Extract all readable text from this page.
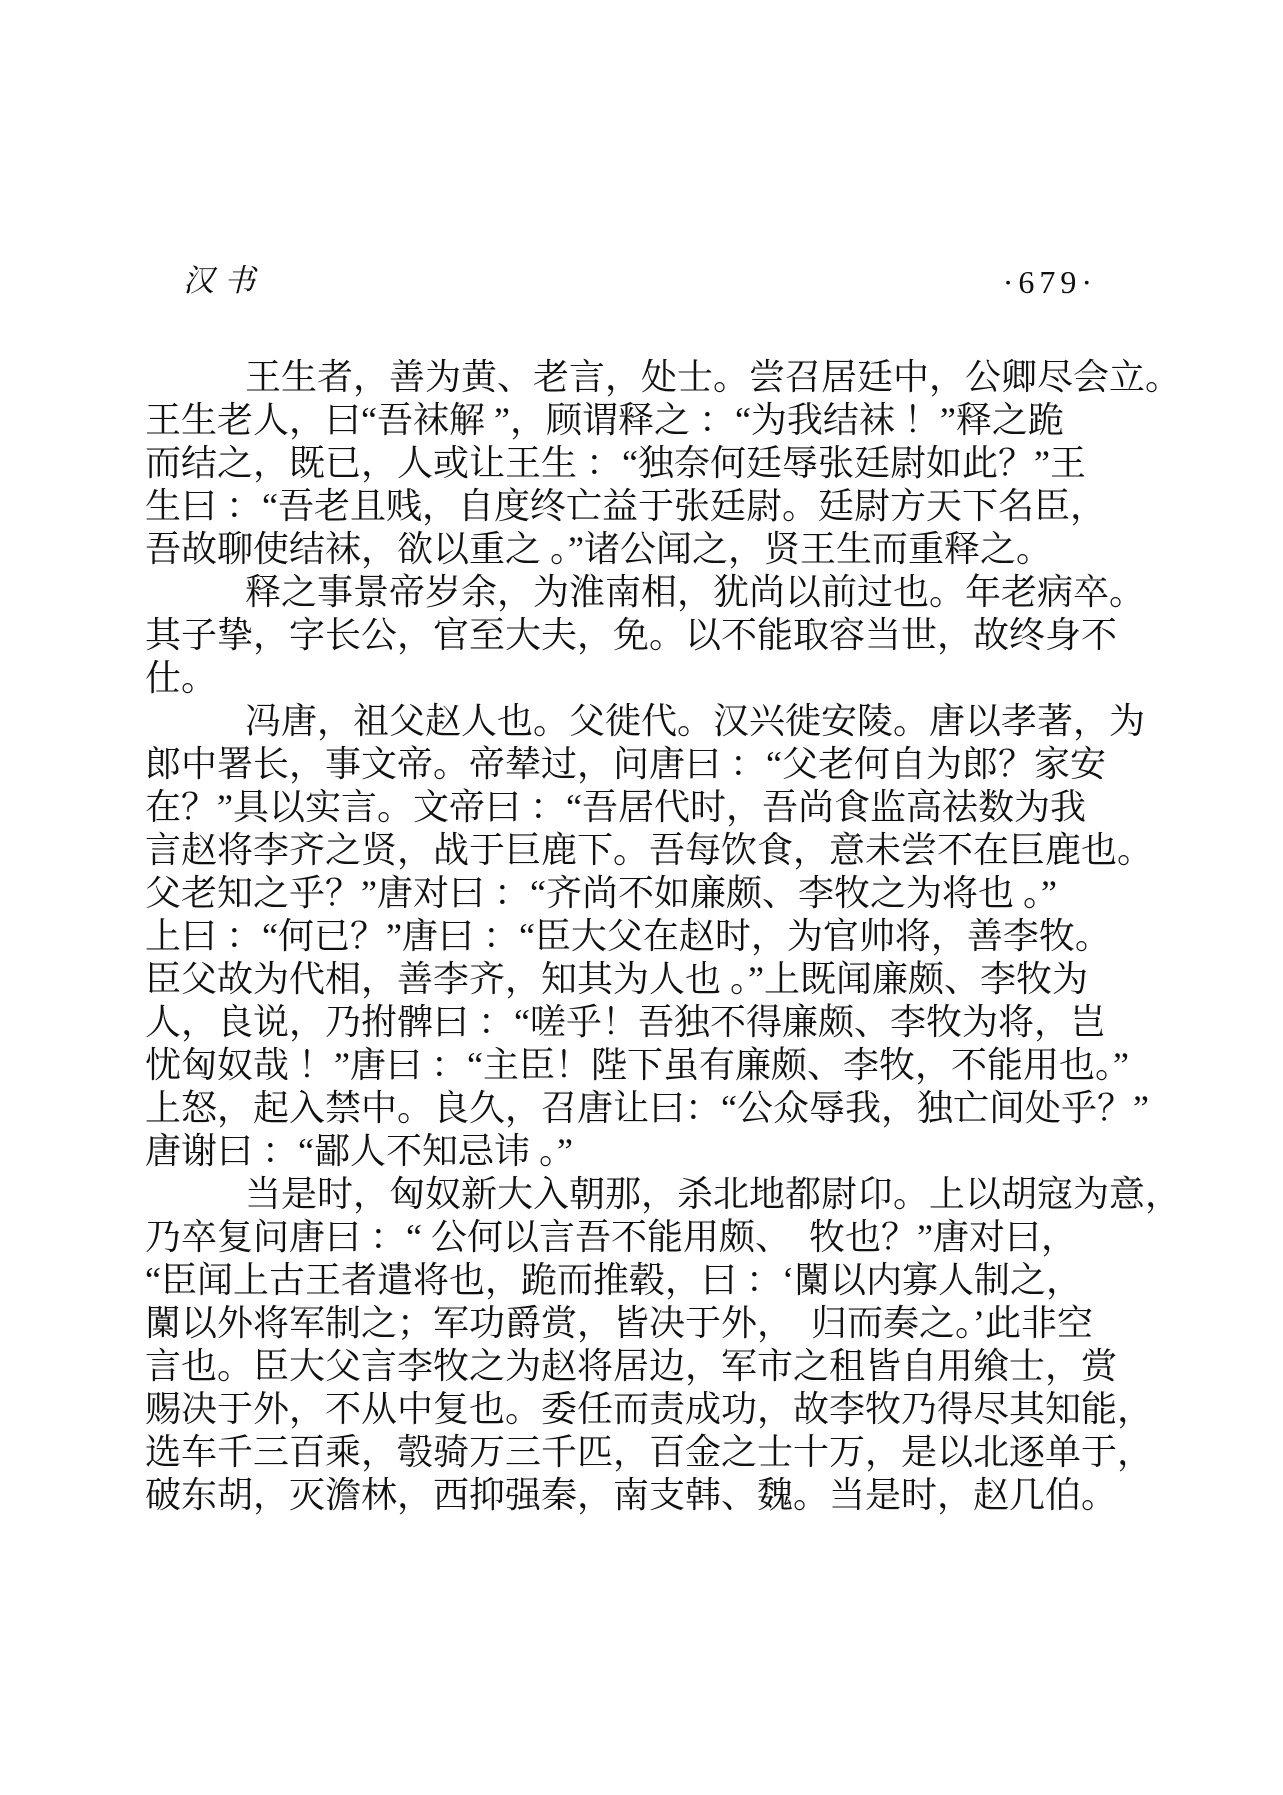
汉书	·679·
王生者，善为黄、老言，处士。尝召居廷中，公卿尽会立。
王生老人，曰“吾袜解 ”，顾谓释之 ：“为我结袜 ！”释之跪
而结之，既已，人或让王生 ：“独奈何廷辱张廷尉如此？”王
生曰 ：“吾老且贱，自度终亡益于张廷尉。廷尉方天下名臣，
吾故聊使结袜，欲以重之 。”诸公闻之，贤王生而重释之。
释之事景帝岁余，为淮南相，犹尚以前过也。年老病卒。
其子挚，字长公，官至大夫，免。以不能取容当世，故终身不
仕。
冯唐，祖父赵人也。父徙代。汉兴徙安陵。唐以孝著，为
郎中署长，事文帝。帝辇过，问唐曰 ：“父老何自为郎？家安
在？”具以实言。文帝曰 ：“吾居代时，吾尚食监高祛数为我
言赵将李齐之贤，战于巨鹿下。吾每饮食，意未尝不在巨鹿也。
父老知之乎？”唐对曰 ：“齐尚不如廉颇、李牧之为将也 。”
上曰 ：“何已？”唐曰 ：“臣大父在赵时，为官帅将，善李牧。
臣父故为代相，善李齐，知其为人也 。”上既闻廉颇、李牧为
人，良说，乃拊髀曰 ：“嗟乎！吾独不得廉颇、李牧为将，岂
忧匈奴哉 ！”唐曰 ：“主臣！陛下虽有廉颇、李牧，不能用也。”
上怒，起入禁中。良久，召唐让曰：“公众辱我，独亡间处乎？”
唐谢曰 ：“鄙人不知忌讳 。”
当是时，匈奴新大入朝那，杀北地都尉卬。上以胡寇为意，
乃卒复问唐曰 ：“ 公何以言吾不能用颇、  牧也？”唐对曰，
“臣闻上古王者遣将也，跪而推毂，曰 ：‘闑以内寡人制之，
闑以外将军制之；军功爵赏，皆决于外，  归而奏之。’此非空
言也。臣大父言李牧之为赵将居边，军市之租皆自用飨士，赏
赐决于外，不从中复也。委任而责成功，故李牧乃得尽其知能，
选车千三百乘，彀骑万三千匹，百金之士十万，是以北逐单于，
破东胡，灭澹林，西抑强秦，南支韩、魏。当是时，赵几伯。
